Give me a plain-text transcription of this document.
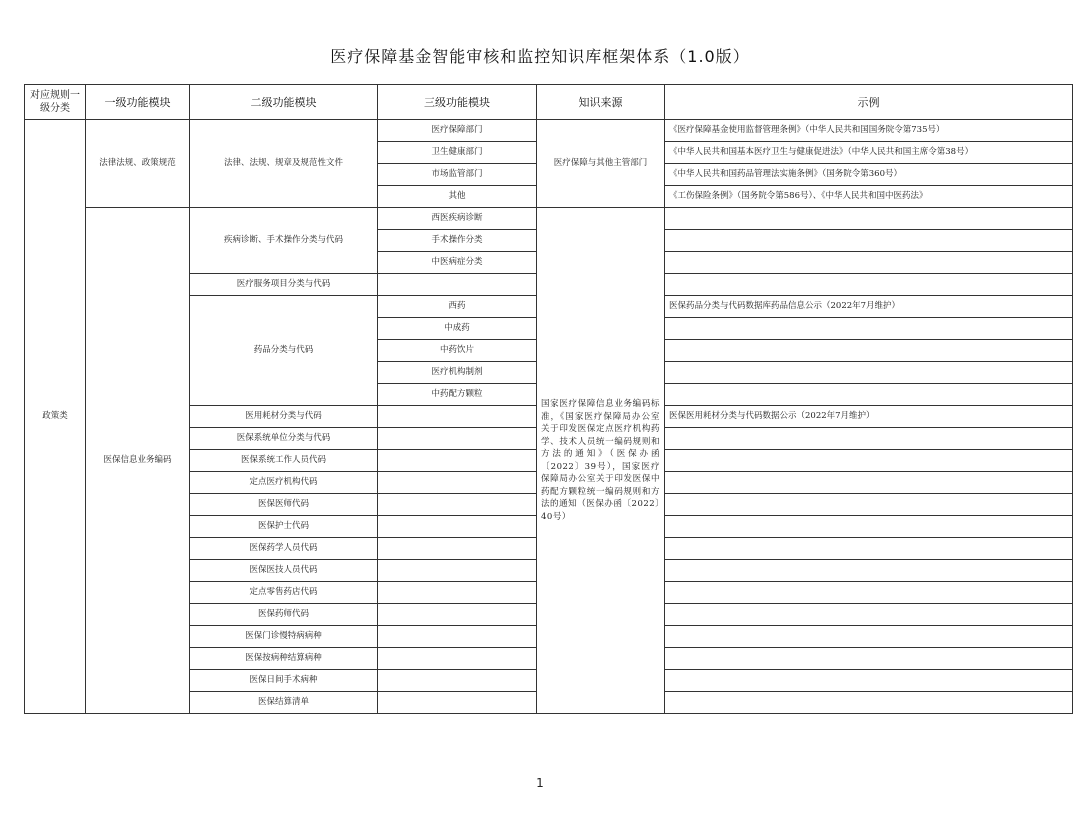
医疗保障基金智能审核和监控知识库框架体系（1.0版）
对应规则一级分类	一级功能模块	二级功能模块	三级功能模块	知识来源	示例
政策类	法律法规、政策规范	法律、法规、规章及规范性文件	医疗保障部门	医疗保障与其他主管部门	《医疗保障基金使用监督管理条例》（中华人民共和国国务院令第735号）
			卫生健康部门		《中华人民共和国基本医疗卫生与健康促进法》（中华人民共和国主席令第38号）
			市场监管部门		《中华人民共和国药品管理法实施条例》（国务院令第360号）
			其他		《工伤保险条例》（国务院令第586号）、《中华人民共和国中医药法》
	医保信息业务编码	疾病诊断、手术操作分类与代码	西医疾病诊断	国家医疗保障信息业务编码标准，《国家医疗保障局办公室关于印发医保定点医疗机构药学、技术人员统一编码规则和方法的通知》（医保办函〔2022〕39号），国家医疗保障局办公室关于印发医保中药配方颗粒统一编码规则和方法的通知（医保办函〔2022〕40号）	
			手术操作分类		
			中医病症分类		
		医疗服务项目分类与代码			
		药品分类与代码	西药		医保药品分类与代码数据库药品信息公示（2022年7月维护）
			中成药		
			中药饮片		
			医疗机构制剂		
			中药配方颗粒		
		医用耗材分类与代码			医保医用耗材分类与代码数据公示（2022年7月维护）
		医保系统单位分类与代码			
		医保系统工作人员代码			
		定点医疗机构代码			
		医保医师代码			
		医保护士代码			
		医保药学人员代码			
		医保医技人员代码			
		定点零售药店代码			
		医保药师代码			
		医保门诊慢特病病种			
		医保按病种结算病种			
		医保日间手术病种			
		医保结算清单			
1
